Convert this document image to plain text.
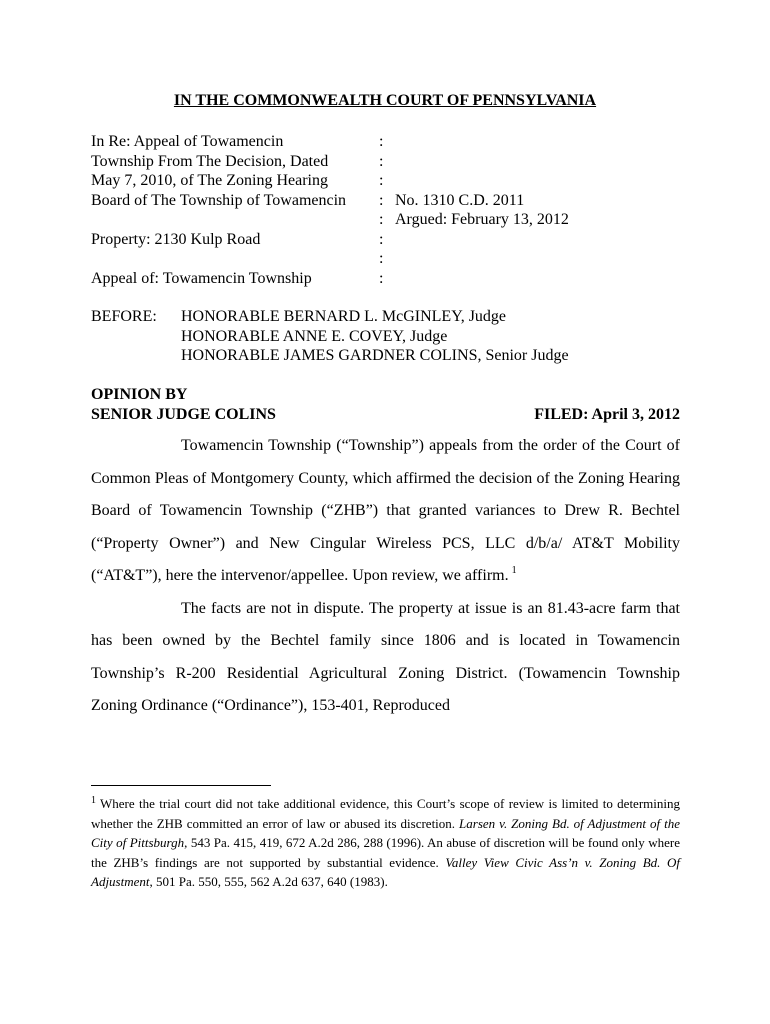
IN THE COMMONWEALTH COURT OF PENNSYLVANIA
In Re: Appeal of Towamencin	:
Township From The Decision, Dated	:
May 7, 2010, of The Zoning Hearing	:
Board of The Township of Towamencin	: No. 1310 C.D. 2011
: Argued: February 13, 2012
Property: 2130 Kulp Road	:
:
Appeal of: Towamencin Township	:
BEFORE:	HONORABLE BERNARD L. McGINLEY, Judge
HONORABLE ANNE E. COVEY, Judge
HONORABLE JAMES GARDNER COLINS, Senior Judge
OPINION BY
SENIOR JUDGE COLINS	FILED: April 3, 2012

Towamencin Township (“Township”) appeals from the order of the Court of Common Pleas of Montgomery County, which affirmed the decision of the Zoning Hearing Board of Towamencin Township (“ZHB”) that granted variances to Drew R. Bechtel (“Property Owner”) and New Cingular Wireless PCS, LLC d/b/a/ AT&T Mobility (“AT&T”), here the intervenor/appellee. Upon review, we affirm. $^1$

The facts are not in dispute. The property at issue is an 81.43-acre farm that has been owned by the Bechtel family since 1806 and is located in Towamencin Township’s R-200 Residential Agricultural Zoning District. (Towamencin Township Zoning Ordinance (“Ordinance”), 153-401, Reproduced

$^1$ Where the trial court did not take additional evidence, this Court’s scope of review is limited to determining whether the ZHB committed an error of law or abused its discretion. Larsen v. Zoning Bd. of Adjustment of the City of Pittsburgh, 543 Pa. 415, 419, 672 A.2d 286, 288 (1996). An abuse of discretion will be found only where the ZHB’s findings are not supported by substantial evidence. Valley View Civic Ass’n v. Zoning Bd. Of Adjustment, 501 Pa. 550, 555, 562 A.2d 637, 640 (1983).
